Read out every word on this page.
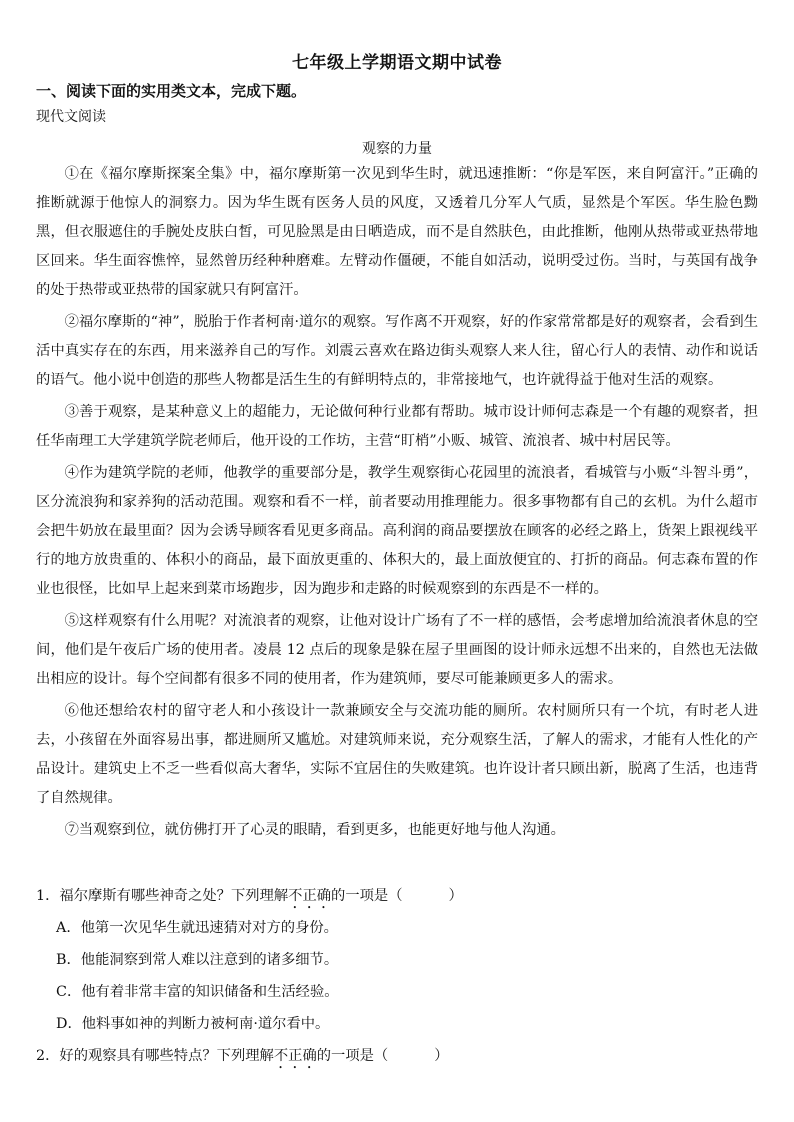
七年级上学期语文期中试卷
一、阅读下面的实用类文本，完成下题。
现代文阅读
观察的力量

①在《福尔摩斯探案全集》中，福尔摩斯第一次见到华生时，就迅速推断：“你是军医，来自阿富汗。”正确的推断就源于他惊人的洞察力。因为华生既有医务人员的风度，又透着几分军人气质，显然是个军医。华生脸色黝黑，但衣服遮住的手腕处皮肤白皙，可见脸黑是由日晒造成，而不是自然肤色，由此推断，他刚从热带或亚热带地区回来。华生面容憔悴，显然曾历经种种磨难。左臂动作僵硬，不能自如活动，说明受过伤。当时，与英国有战争的处于热带或亚热带的国家就只有阿富汗。

②福尔摩斯的“神”，脱胎于作者柯南·道尔的观察。写作离不开观察，好的作家常常都是好的观察者，会看到生活中真实存在的东西，用来滋养自己的写作。刘震云喜欢在路边街头观察人来人往，留心行人的表情、动作和说话的语气。他小说中创造的那些人物都是活生生的有鲜明特点的，非常接地气，也许就得益于他对生活的观察。

③善于观察，是某种意义上的超能力，无论做何种行业都有帮助。城市设计师何志森是一个有趣的观察者，担任华南理工大学建筑学院老师后，他开设的工作坊，主营“盯梢”小贩、城管、流浪者、城中村居民等。

④作为建筑学院的老师，他教学的重要部分是，教学生观察街心花园里的流浪者，看城管与小贩“斗智斗勇”，区分流浪狗和家养狗的活动范围。观察和看不一样，前者要动用推理能力。很多事物都有自己的玄机。为什么超市会把牛奶放在最里面？因为会诱导顾客看见更多商品。高利润的商品要摆放在顾客的必经之路上，货架上跟视线平行的地方放贵重的、体积小的商品，最下面放更重的、体积大的，最上面放便宜的、打折的商品。何志森布置的作业也很怪，比如早上起来到菜市场跑步，因为跑步和走路的时候观察到的东西是不一样的。

⑤这样观察有什么用呢？对流浪者的观察，让他对设计广场有了不一样的感悟，会考虑增加给流浪者休息的空间，他们是午夜后广场的使用者。凌晨 12 点后的现象是躲在屋子里画图的设计师永远想不出来的，自然也无法做出相应的设计。每个空间都有很多不同的使用者，作为建筑师，要尽可能兼顾更多人的需求。

⑥他还想给农村的留守老人和小孩设计一款兼顾安全与交流功能的厕所。农村厕所只有一个坑，有时老人进去，小孩留在外面容易出事，都进厕所又尴尬。对建筑师来说，充分观察生活，了解人的需求，才能有人性化的产品设计。建筑史上不乏一些看似高大奢华，实际不宜居住的失败建筑。也许设计者只顾出新，脱离了生活，也违背了自然规律。

⑦当观察到位，就仿佛打开了心灵的眼睛，看到更多，也能更好地与他人沟通。

1．福尔摩斯有哪些神奇之处？下列理解不正确的一项是（	）
A．他第一次见华生就迅速猜对对方的身份。
B．他能洞察到常人难以注意到的诸多细节。
C．他有着非常丰富的知识储备和生活经验。
D．他料事如神的判断力被柯南·道尔看中。
2．好的观察具有哪些特点？下列理解不正确的一项是（	）
